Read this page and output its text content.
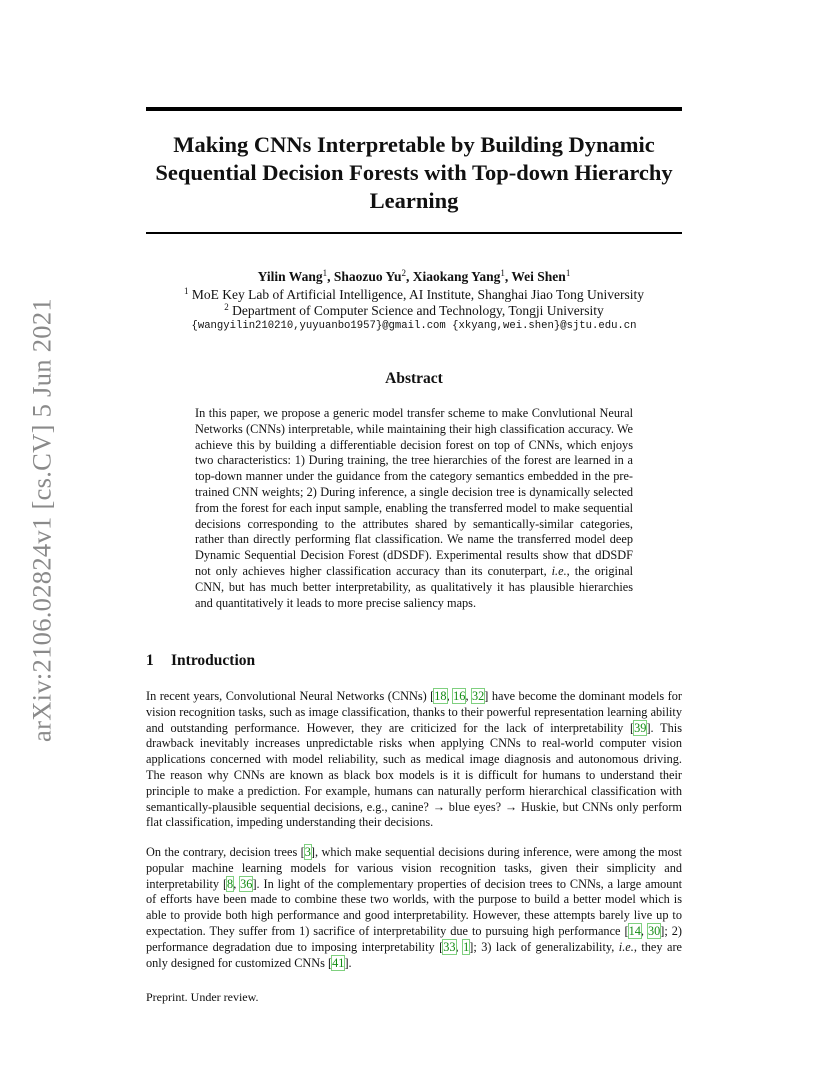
arXiv:2106.02824v1 [cs.CV] 5 Jun 2021
Making CNNs Interpretable by Building Dynamic
Sequential Decision Forests with Top-down Hierarchy
Learning
Yilin Wang$^1$, Shaozuo Yu$^2$, Xiaokang Yang$^1$, Wei Shen$^1$
$^1$ MoE Key Lab of Artificial Intelligence, AI Institute, Shanghai Jiao Tong University
$^2$ Department of Computer Science and Technology, Tongji University
{wangyilin210210,yuyuanbo1957}@gmail.com {xkyang,wei.shen}@sjtu.edu.cn
Abstract

In this paper, we propose a generic model transfer scheme to make Convlutional Neural Networks (CNNs) interpretable, while maintaining their high classification accuracy. We achieve this by building a differentiable decision forest on top of CNNs, which enjoys two characteristics: 1) During training, the tree hierarchies of the forest are learned in a top-down manner under the guidance from the category semantics embedded in the pre-trained CNN weights; 2) During inference, a single decision tree is dynamically selected from the forest for each input sample, enabling the transferred model to make sequential decisions corresponding to the attributes shared by semantically-similar categories, rather than directly performing flat classification. We name the transferred model deep Dynamic Sequential Decision Forest (dDSDF). Experimental results show that dDSDF not only achieves higher classification accuracy than its conuterpart, i.e., the original CNN, but has much better interpretability, as qualitatively it has plausible hierarchies and quantitatively it leads to more precise saliency maps.

1 Introduction

In recent years, Convolutional Neural Networks (CNNs) [18, 16, 32] have become the dominant models for vision recognition tasks, such as image classification, thanks to their powerful representation learning ability and outstanding performance. However, they are criticized for the lack of interpretability [39]. This drawback inevitably increases unpredictable risks when applying CNNs to real-world computer vision applications concerned with model reliability, such as medical image diagnosis and autonomous driving. The reason why CNNs are known as black box models is it is difficult for humans to understand their principle to make a prediction. For example, humans can naturally perform hierarchical classification with semantically-plausible sequential decisions, e.g., canine? → blue eyes? → Huskie, but CNNs only perform flat classification, impeding understanding their decisions.

On the contrary, decision trees [3], which make sequential decisions during inference, were among the most popular machine learning models for various vision recognition tasks, given their simplicity and interpretability [8, 36]. In light of the complementary properties of decision trees to CNNs, a large amount of efforts have been made to combine these two worlds, with the purpose to build a better model which is able to provide both high performance and good interpretability. However, these attempts barely live up to expectation. They suffer from 1) sacrifice of interpretability due to pursuing high performance [14, 30]; 2) performance degradation due to imposing interpretability [33, 1]; 3) lack of generalizability, i.e., they are only designed for customized CNNs [41].

Preprint. Under review.
